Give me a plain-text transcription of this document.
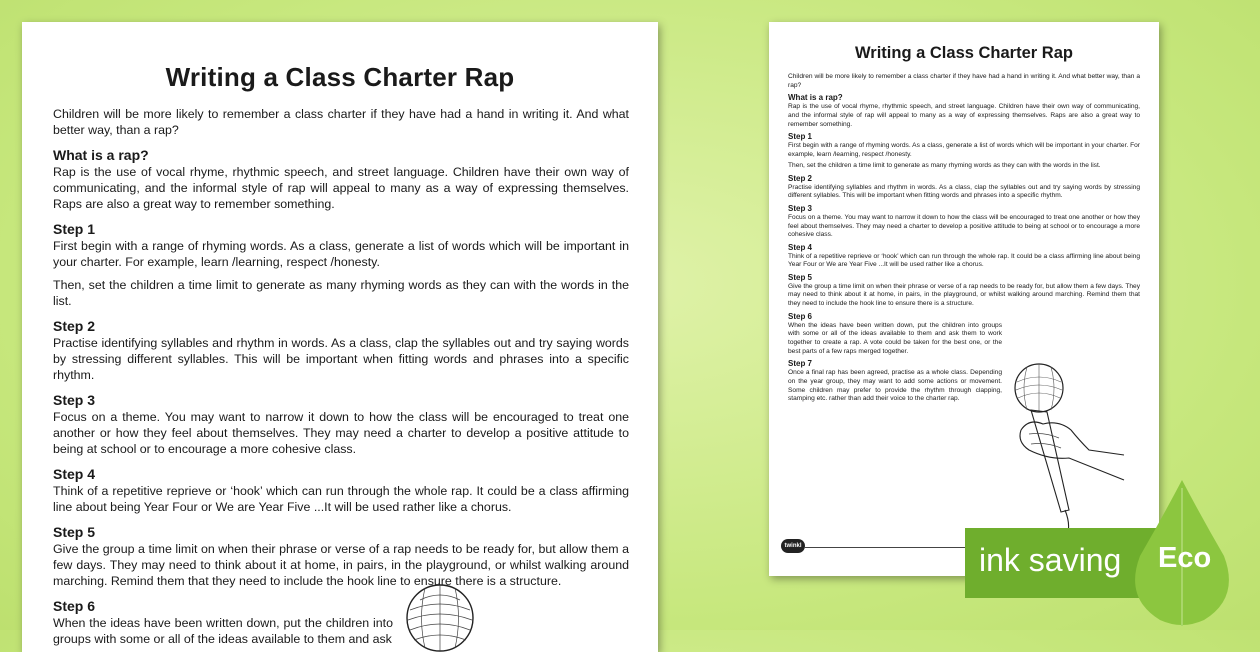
Writing a Class Charter Rap

Children will be more likely to remember a class charter if they have had a hand in writing it. And what better way, than a rap?

What is a rap?

Rap is the use of vocal rhyme, rhythmic speech, and street language. Children have their own way of communicating, and the informal style of rap will appeal to many as a way of expressing themselves. Raps are also a great way to remember something.

Step 1

First begin with a range of rhyming words. As a class, generate a list of words which will be important in your charter. For example, learn /learning, respect /honesty.

Then, set the children a time limit to generate as many rhyming words as they can with the words in the list.

Step 2

Practise identifying syllables and rhythm in words. As a class, clap the syllables out and try saying words by stressing different syllables. This will be important when fitting words and phrases into a specific rhythm.

Step 3

Focus on a theme. You may want to narrow it down to how the class will be encouraged to treat one another or how they feel about themselves. They may need a charter to develop a positive attitude to being at school or to encourage a more cohesive class.

Step 4

Think of a repetitive reprieve or ‘hook’ which can run through the whole rap. It could be a class affirming line about being Year Four or We are Year Five ...It will be used rather like a chorus.

Step 5

Give the group a time limit on when their phrase or verse of a rap needs to be ready for, but allow them a few days. They may need to think about it at home, in pairs, in the playground, or whilst walking around marching. Remind them that they need to include the hook line to ensure there is a structure.

Step 6

When the ideas have been written down, put the children into groups with some or all of the ideas available to them and ask

Writing a Class Charter Rap

Children will be more likely to remember a class charter if they have had a hand in writing it. And what better way, than a rap?

What is a rap?

Rap is the use of vocal rhyme, rhythmic speech, and street language. Children have their own way of communicating, and the informal style of rap will appeal to many as a way of expressing themselves. Raps are also a great way to remember something.

Step 1

First begin with a range of rhyming words. As a class, generate a list of words which will be important in your charter. For example, learn /learning, respect /honesty.

Then, set the children a time limit to generate as many rhyming words as they can with the words in the list.

Step 2

Practise identifying syllables and rhythm in words. As a class, clap the syllables out and try saying words by stressing different syllables. This will be important when fitting words and phrases into a specific rhythm.

Step 3

Focus on a theme. You may want to narrow it down to how the class will be encouraged to treat one another or how they feel about themselves. They may need a charter to develop a positive attitude to being at school or to encourage a more cohesive class.

Step 4

Think of a repetitive reprieve or ‘hook’ which can run through the whole rap. It could be a class affirming line about being Year Four or We are Year Five ...It will be used rather like a chorus.

Step 5

Give the group a time limit on when their phrase or verse of a rap needs to be ready for, but allow them a few days. They may need to think about it at home, in pairs, in the playground, or whilst walking around marching. Remind them that they need to include the hook line to ensure there is a structure.

Step 6

When the ideas have been written down, put the children into groups with some or all of the ideas available to them and ask them to work together to create a rap. A vote could be taken for the best one, or the best parts of a few raps merged together.

Step 7

Once a final rap has been agreed, practise as a whole class. Depending on the year group, they may want to add some actions or movement. Some children may prefer to provide the rhythm through clapping, stamping etc. rather than add their voice to the charter rap.

twinkl	ink saving Eco
